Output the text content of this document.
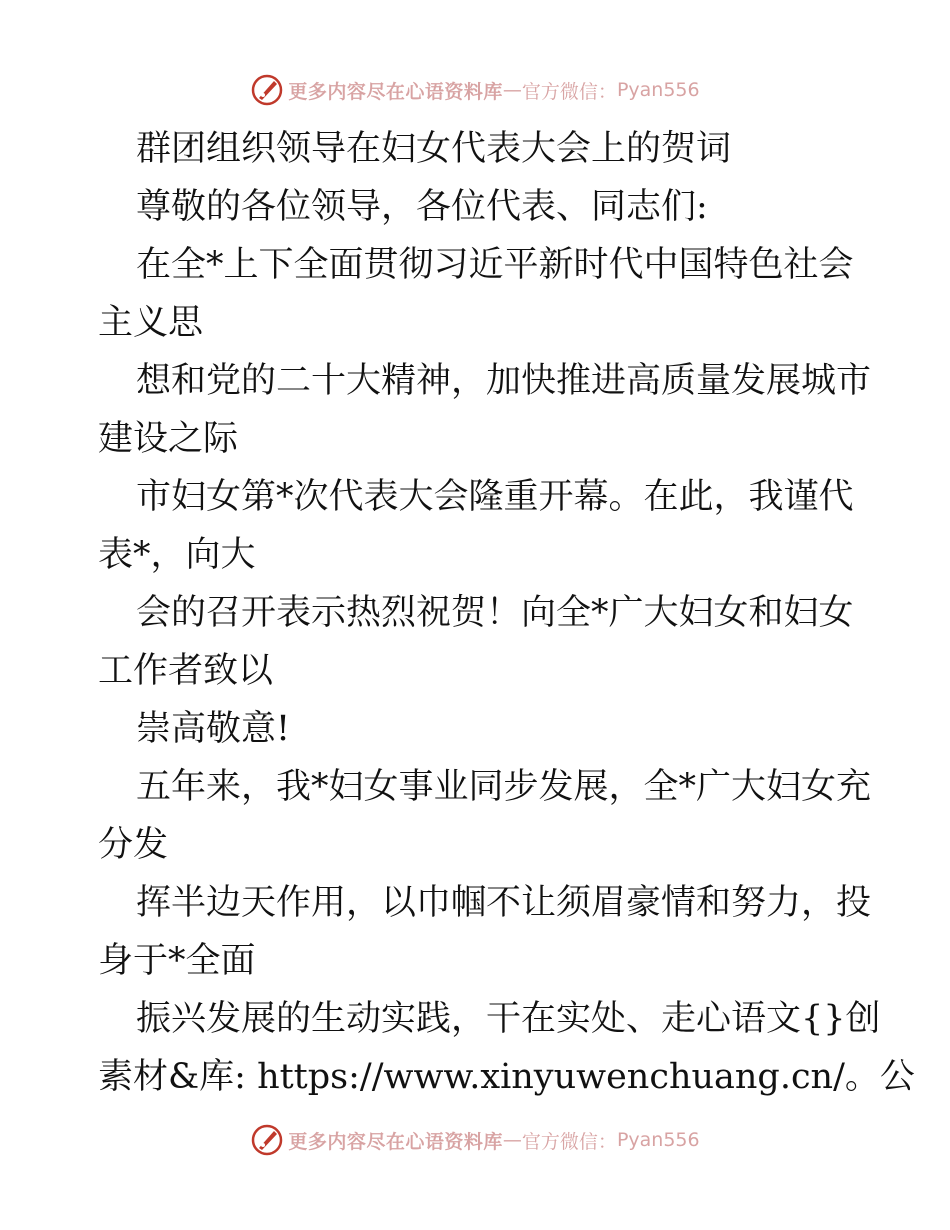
更多内容尽在心语资料库 — 官方微信： Pyan556
群团组织领导在妇女代表大会上的贺词
尊敬的各位领导，各位代表、同志们:
在全*上下全面贯彻习近平新时代中国特色社会
主义思
想和党的二十大精神，加快推进高质量发展城市
建设之际
市妇女第*次代表大会隆重开幕。在此，我谨代
表*，向大
会的召开表示热烈祝贺！向全*广大妇女和妇女
工作者致以
崇高敬意!
五年来，我*妇女事业同步发展，全*广大妇女充
分发
挥半边天作用，以巾帼不让须眉豪情和努力，投
身于*全面
振兴发展的生动实践，干在实处、走心语文{}创
素材&库: https://www.xinyuwenchuang.cn/。公
更多内容尽在心语资料库 — 官方微信： Pyan556
